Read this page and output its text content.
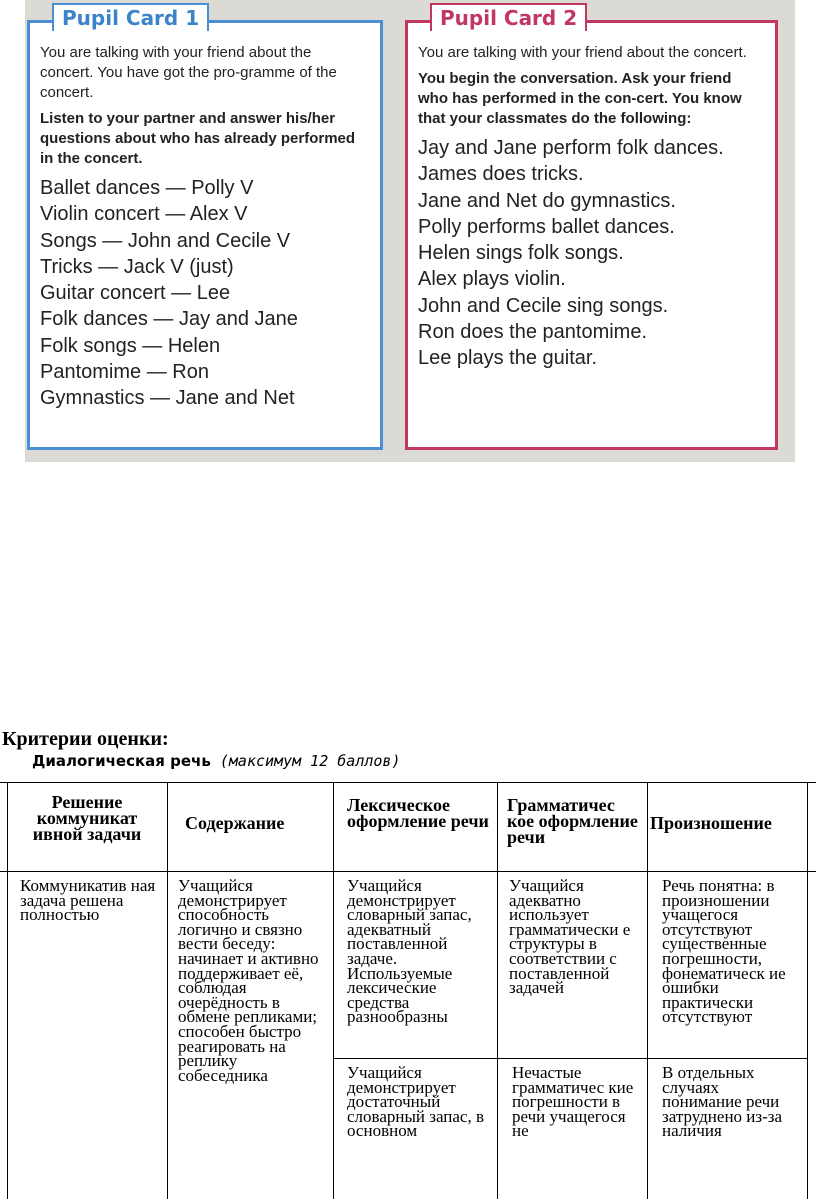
Pupil Card 1
You are talking with your friend about the concert. You have got the pro-gramme of the concert.
Listen to your partner and answer his/her questions about who has already performed in the concert.
Ballet dances — Polly V
Violin concert — Alex V
Songs — John and Cecile V
Tricks — Jack V (just)
Guitar concert — Lee
Folk dances — Jay and Jane
Folk songs — Helen
Pantomime — Ron
Gymnastics — Jane and Net
Pupil Card 2
You are talking with your friend about the concert.
You begin the conversation. Ask your friend who has performed in the con-cert. You know that your classmates do the following:
Jay and Jane perform folk dances.
James does tricks.
Jane and Net do gymnastics.
Polly performs ballet dances.
Helen sings folk songs.
Alex plays violin.
John and Cecile sing songs.
Ron does the pantomime.
Lee plays the guitar.
Критерии оценки:
Диалогическая речь (максимум 12 баллов)
Решение коммуникат ивной задачи
Содержание
Лексическое оформление речи
Грамматичес кое оформление речи
Произношение
Коммуникатив ная задача решена полностью
Учащийся демонстрирует способность логично и связно вести беседу: начинает и активно поддерживает её, соблюдая очерёдность в обмене репликами; способен быстро реагировать на реплику собеседника
Учащийся демонстрирует словарный запас, адекватный поставленной задаче. Используемые лексические средства разнообразны
Учащийся адекватно использует грамматически е структуры в соответствии с поставленной задачей
Речь понятна: в произношении учащегося отсутствуют существенные погрешности, фонематическ ие ошибки практически отсутствуют
Учащийся демонстрирует достаточный словарный запас, в основном
Нечастые грамматичес кие погрешности в речи учащегося не
В отдельных случаях понимание речи затруднено из-за наличия
